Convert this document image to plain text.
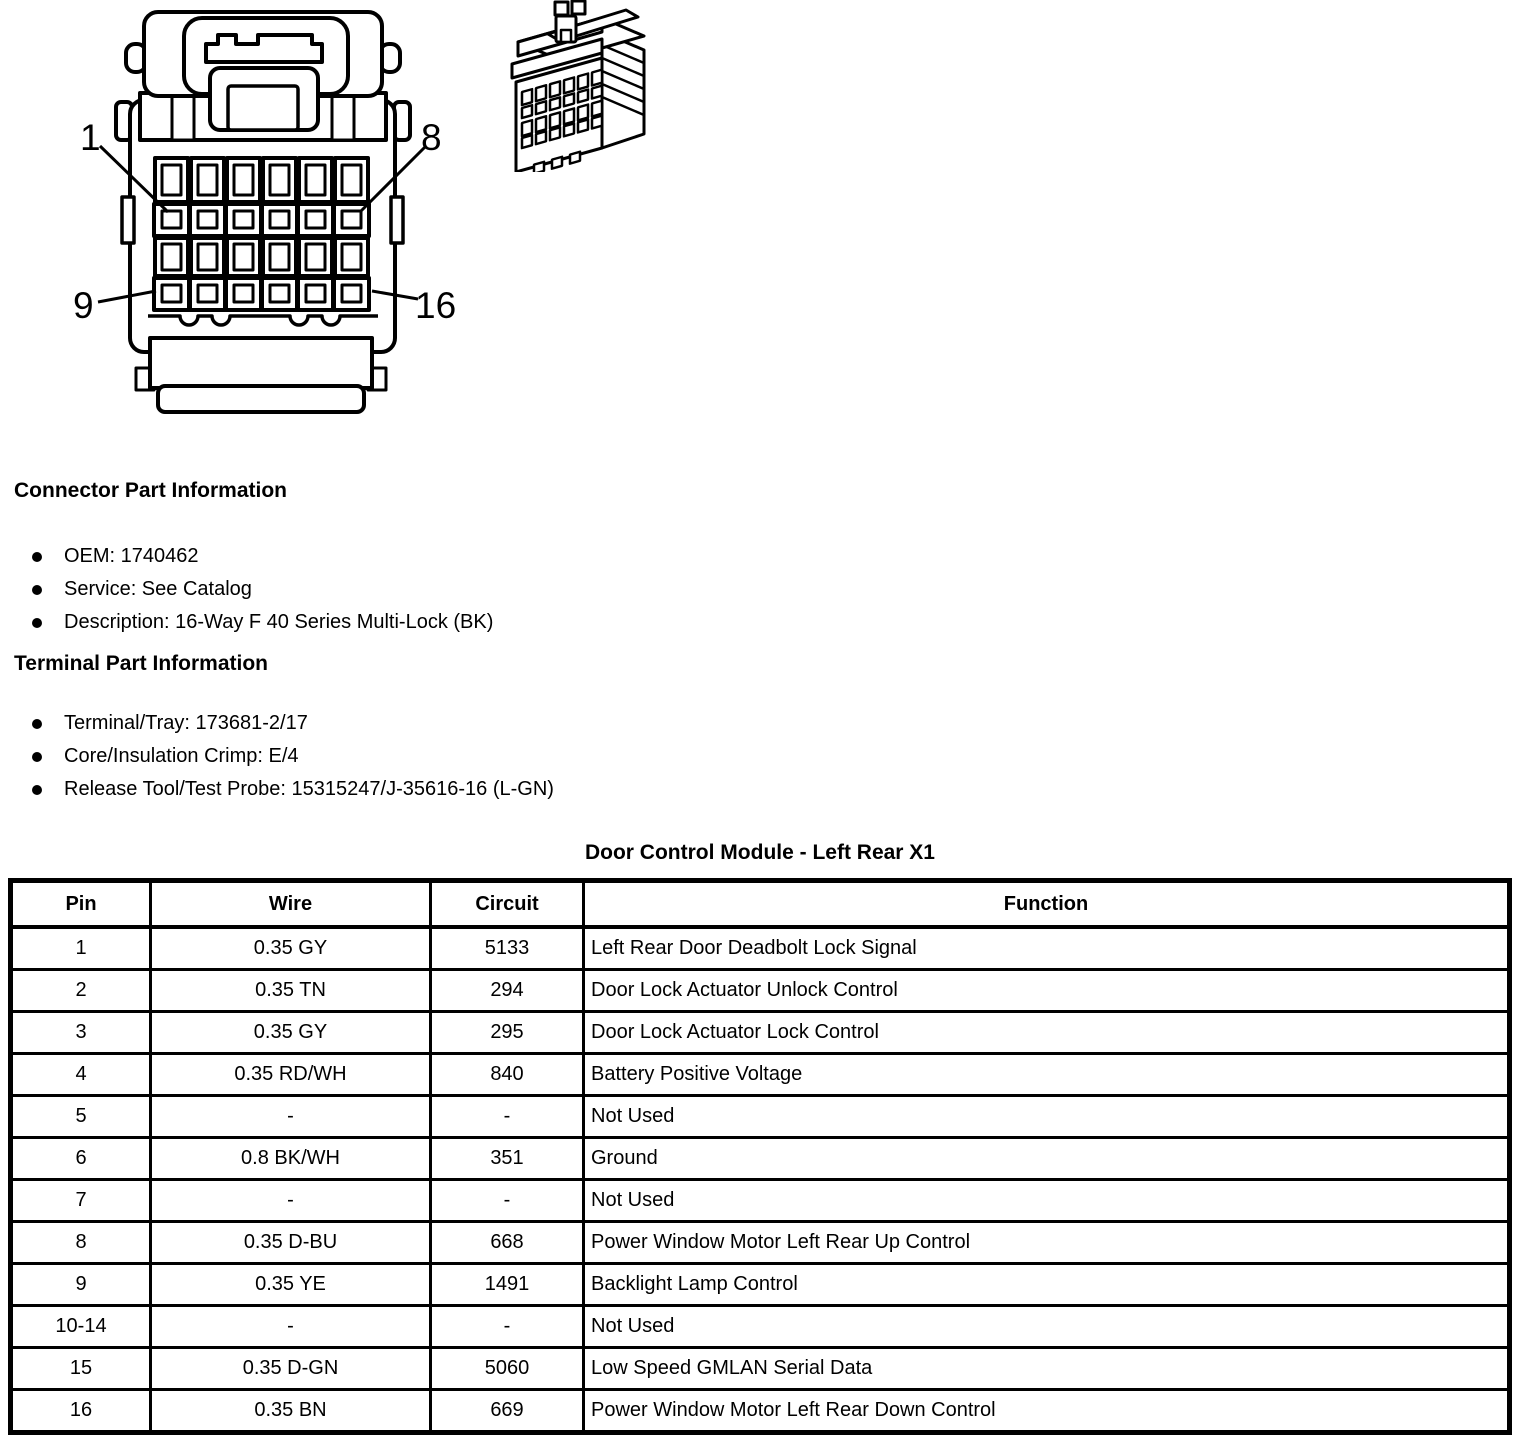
1	8
9	16
Connector Part Information
OEM: 1740462
Service: See Catalog
Description: 16-Way F 40 Series Multi-Lock (BK)
Terminal Part Information
Terminal/Tray: 173681-2/17
Core/Insulation Crimp: E/4
Release Tool/Test Probe: 15315247/J-35616-16 (L-GN)
Door Control Module - Left Rear X1
Pin	Wire	Circuit	Function
1	0.35 GY	5133	Left Rear Door Deadbolt Lock Signal
2	0.35 TN	294	Door Lock Actuator Unlock Control
3	0.35 GY	295	Door Lock Actuator Lock Control
4	0.35 RD/WH	840	Battery Positive Voltage
5	-	-	Not Used
6	0.8 BK/WH	351	Ground
7	-	-	Not Used
8	0.35 D-BU	668	Power Window Motor Left Rear Up Control
9	0.35 YE	1491	Backlight Lamp Control
10-14	-	-	Not Used
15	0.35 D-GN	5060	Low Speed GMLAN Serial Data
16	0.35 BN	669	Power Window Motor Left Rear Down Control
